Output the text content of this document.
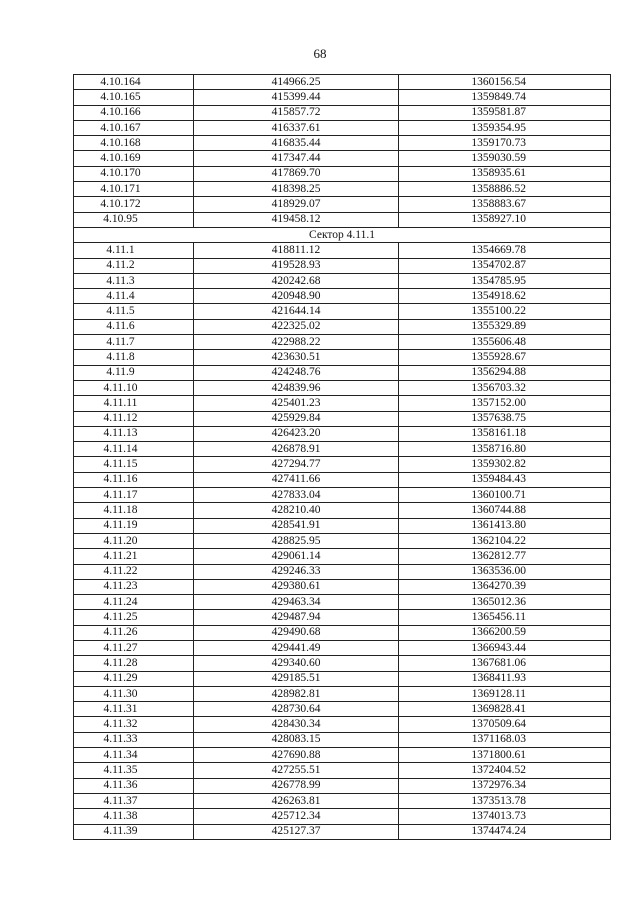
68
4.10.164	414966.25	1360156.54
4.10.165	415399.44	1359849.74
4.10.166	415857.72	1359581.87
4.10.167	416337.61	1359354.95
4.10.168	416835.44	1359170.73
4.10.169	417347.44	1359030.59
4.10.170	417869.70	1358935.61
4.10.171	418398.25	1358886.52
4.10.172	418929.07	1358883.67
4.10.95	419458.12	1358927.10
Сектор 4.11.1		
4.11.1	418811.12	1354669.78
4.11.2	419528.93	1354702.87
4.11.3	420242.68	1354785.95
4.11.4	420948.90	1354918.62
4.11.5	421644.14	1355100.22
4.11.6	422325.02	1355329.89
4.11.7	422988.22	1355606.48
4.11.8	423630.51	1355928.67
4.11.9	424248.76	1356294.88
4.11.10	424839.96	1356703.32
4.11.11	425401.23	1357152.00
4.11.12	425929.84	1357638.75
4.11.13	426423.20	1358161.18
4.11.14	426878.91	1358716.80
4.11.15	427294.77	1359302.82
4.11.16	427411.66	1359484.43
4.11.17	427833.04	1360100.71
4.11.18	428210.40	1360744.88
4.11.19	428541.91	1361413.80
4.11.20	428825.95	1362104.22
4.11.21	429061.14	1362812.77
4.11.22	429246.33	1363536.00
4.11.23	429380.61	1364270.39
4.11.24	429463.34	1365012.36
4.11.25	429487.94	1365456.11
4.11.26	429490.68	1366200.59
4.11.27	429441.49	1366943.44
4.11.28	429340.60	1367681.06
4.11.29	429185.51	1368411.93
4.11.30	428982.81	1369128.11
4.11.31	428730.64	1369828.41
4.11.32	428430.34	1370509.64
4.11.33	428083.15	1371168.03
4.11.34	427690.88	1371800.61
4.11.35	427255.51	1372404.52
4.11.36	426778.99	1372976.34
4.11.37	426263.81	1373513.78
4.11.38	425712.34	1374013.73
4.11.39	425127.37	1374474.24
